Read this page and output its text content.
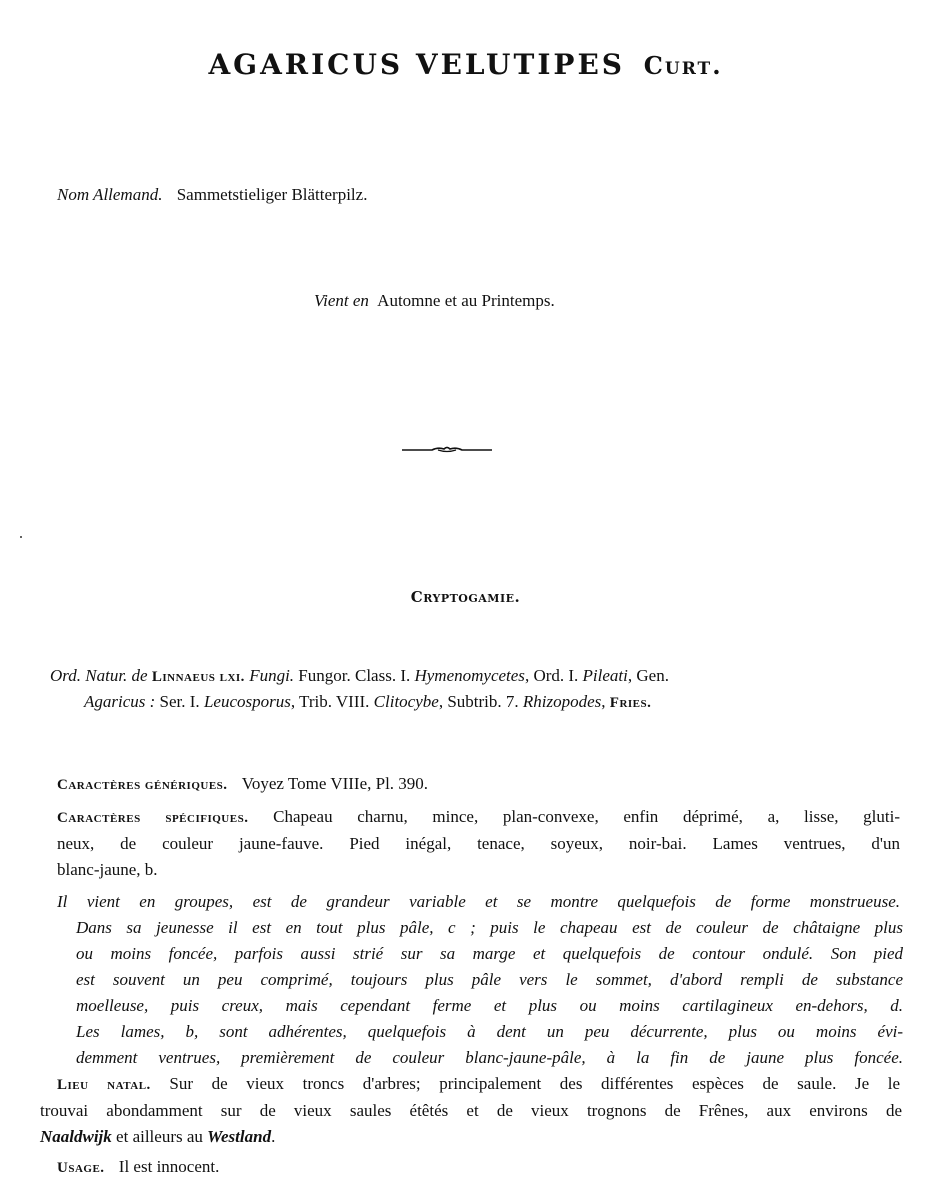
AGARICUS VELUTIPES Curt.
Nom Allemand. Sammetstieliger Blätterpilz.
Vient en Automne et au Printemps.
Cryptogamie.
Ord. Natur. de Linnaeus lxi. Fungi. Fungor. Class. I. Hymenomycetes, Ord. I. Pileati, Gen.
Agaricus : Ser. I. Leucosporus, Trib. VIII. Clitocybe, Subtrib. 7. Rhizopodes, Fries.
Caractères génériques. Voyez Tome VIIIe, Pl. 390.
Caractères spécifiques. Chapeau charnu, mince, plan-convexe, enfin déprimé, a, lisse, gluti-
neux, de couleur jaune-fauve. Pied inégal, tenace, soyeux, noir-bai. Lames ventrues, d'un
blanc-jaune, b.
Il vient en groupes, est de grandeur variable et se montre quelquefois de forme monstrueuse.
Dans sa jeunesse il est en tout plus pâle, c ; puis le chapeau est de couleur de châtaigne plus
ou moins foncée, parfois aussi strié sur sa marge et quelquefois de contour ondulé. Son pied
est souvent un peu comprimé, toujours plus pâle vers le sommet, d'abord rempli de substance
moelleuse, puis creux, mais cependant ferme et plus ou moins cartilagineux en-dehors, d.
Les lames, b, sont adhérentes, quelquefois à dent un peu décurrente, plus ou moins évi-
demment ventrues, premièrement de couleur blanc-jaune-pâle, à la fin de jaune plus foncée.
Lieu natal. Sur de vieux troncs d'arbres; principalement des différentes espèces de saule. Je le
trouvai abondamment sur de vieux saules étêtés et de vieux trognons de Frênes, aux environs de
Naaldwijk et ailleurs au Westland.
Usage. Il est innocent.
